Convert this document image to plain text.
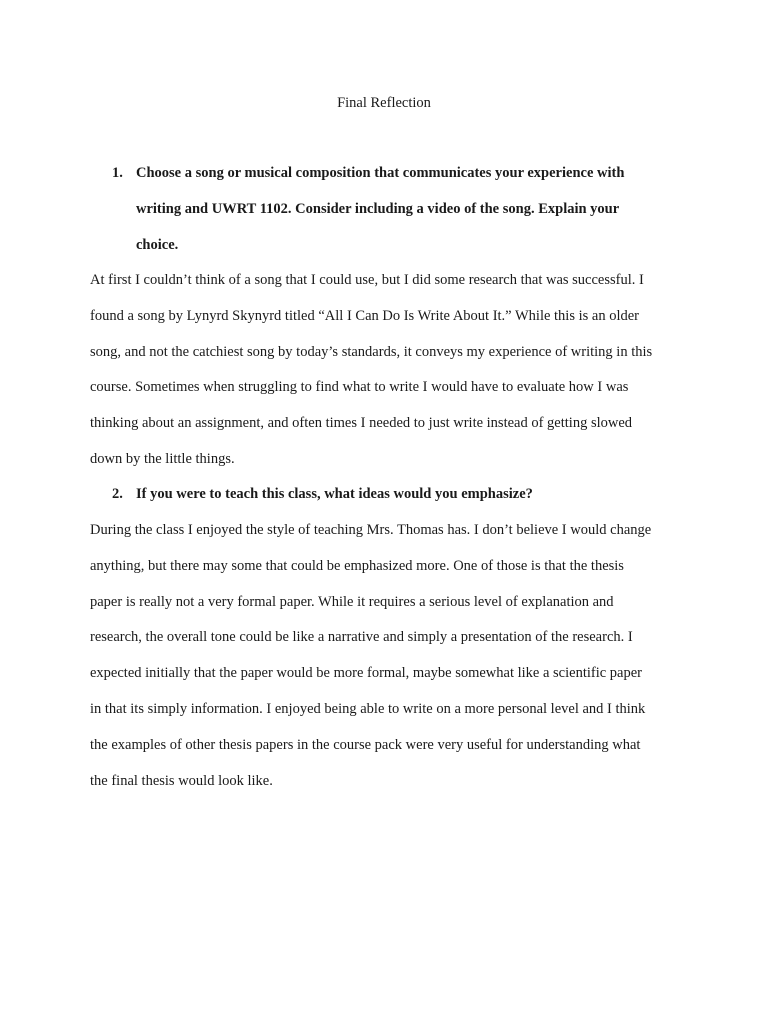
Final Reflection
1. Choose a song or musical composition that communicates your experience with
writing and UWRT 1102. Consider including a video of the song. Explain your
choice.
At first I couldn’t think of a song that I could use, but I did some research that was successful. I
found a song by Lynyrd Skynyrd titled “All I Can Do Is Write About It.” While this is an older
song, and not the catchiest song by today’s standards, it conveys my experience of writing in this
course. Sometimes when struggling to find what to write I would have to evaluate how I was
thinking about an assignment, and often times I needed to just write instead of getting slowed
down by the little things.
2. If you were to teach this class, what ideas would you emphasize?
During the class I enjoyed the style of teaching Mrs. Thomas has. I don’t believe I would change
anything, but there may some that could be emphasized more. One of those is that the thesis
paper is really not a very formal paper. While it requires a serious level of explanation and
research, the overall tone could be like a narrative and simply a presentation of the research. I
expected initially that the paper would be more formal, maybe somewhat like a scientific paper
in that its simply information. I enjoyed being able to write on a more personal level and I think
the examples of other thesis papers in the course pack were very useful for understanding what
the final thesis would look like.
